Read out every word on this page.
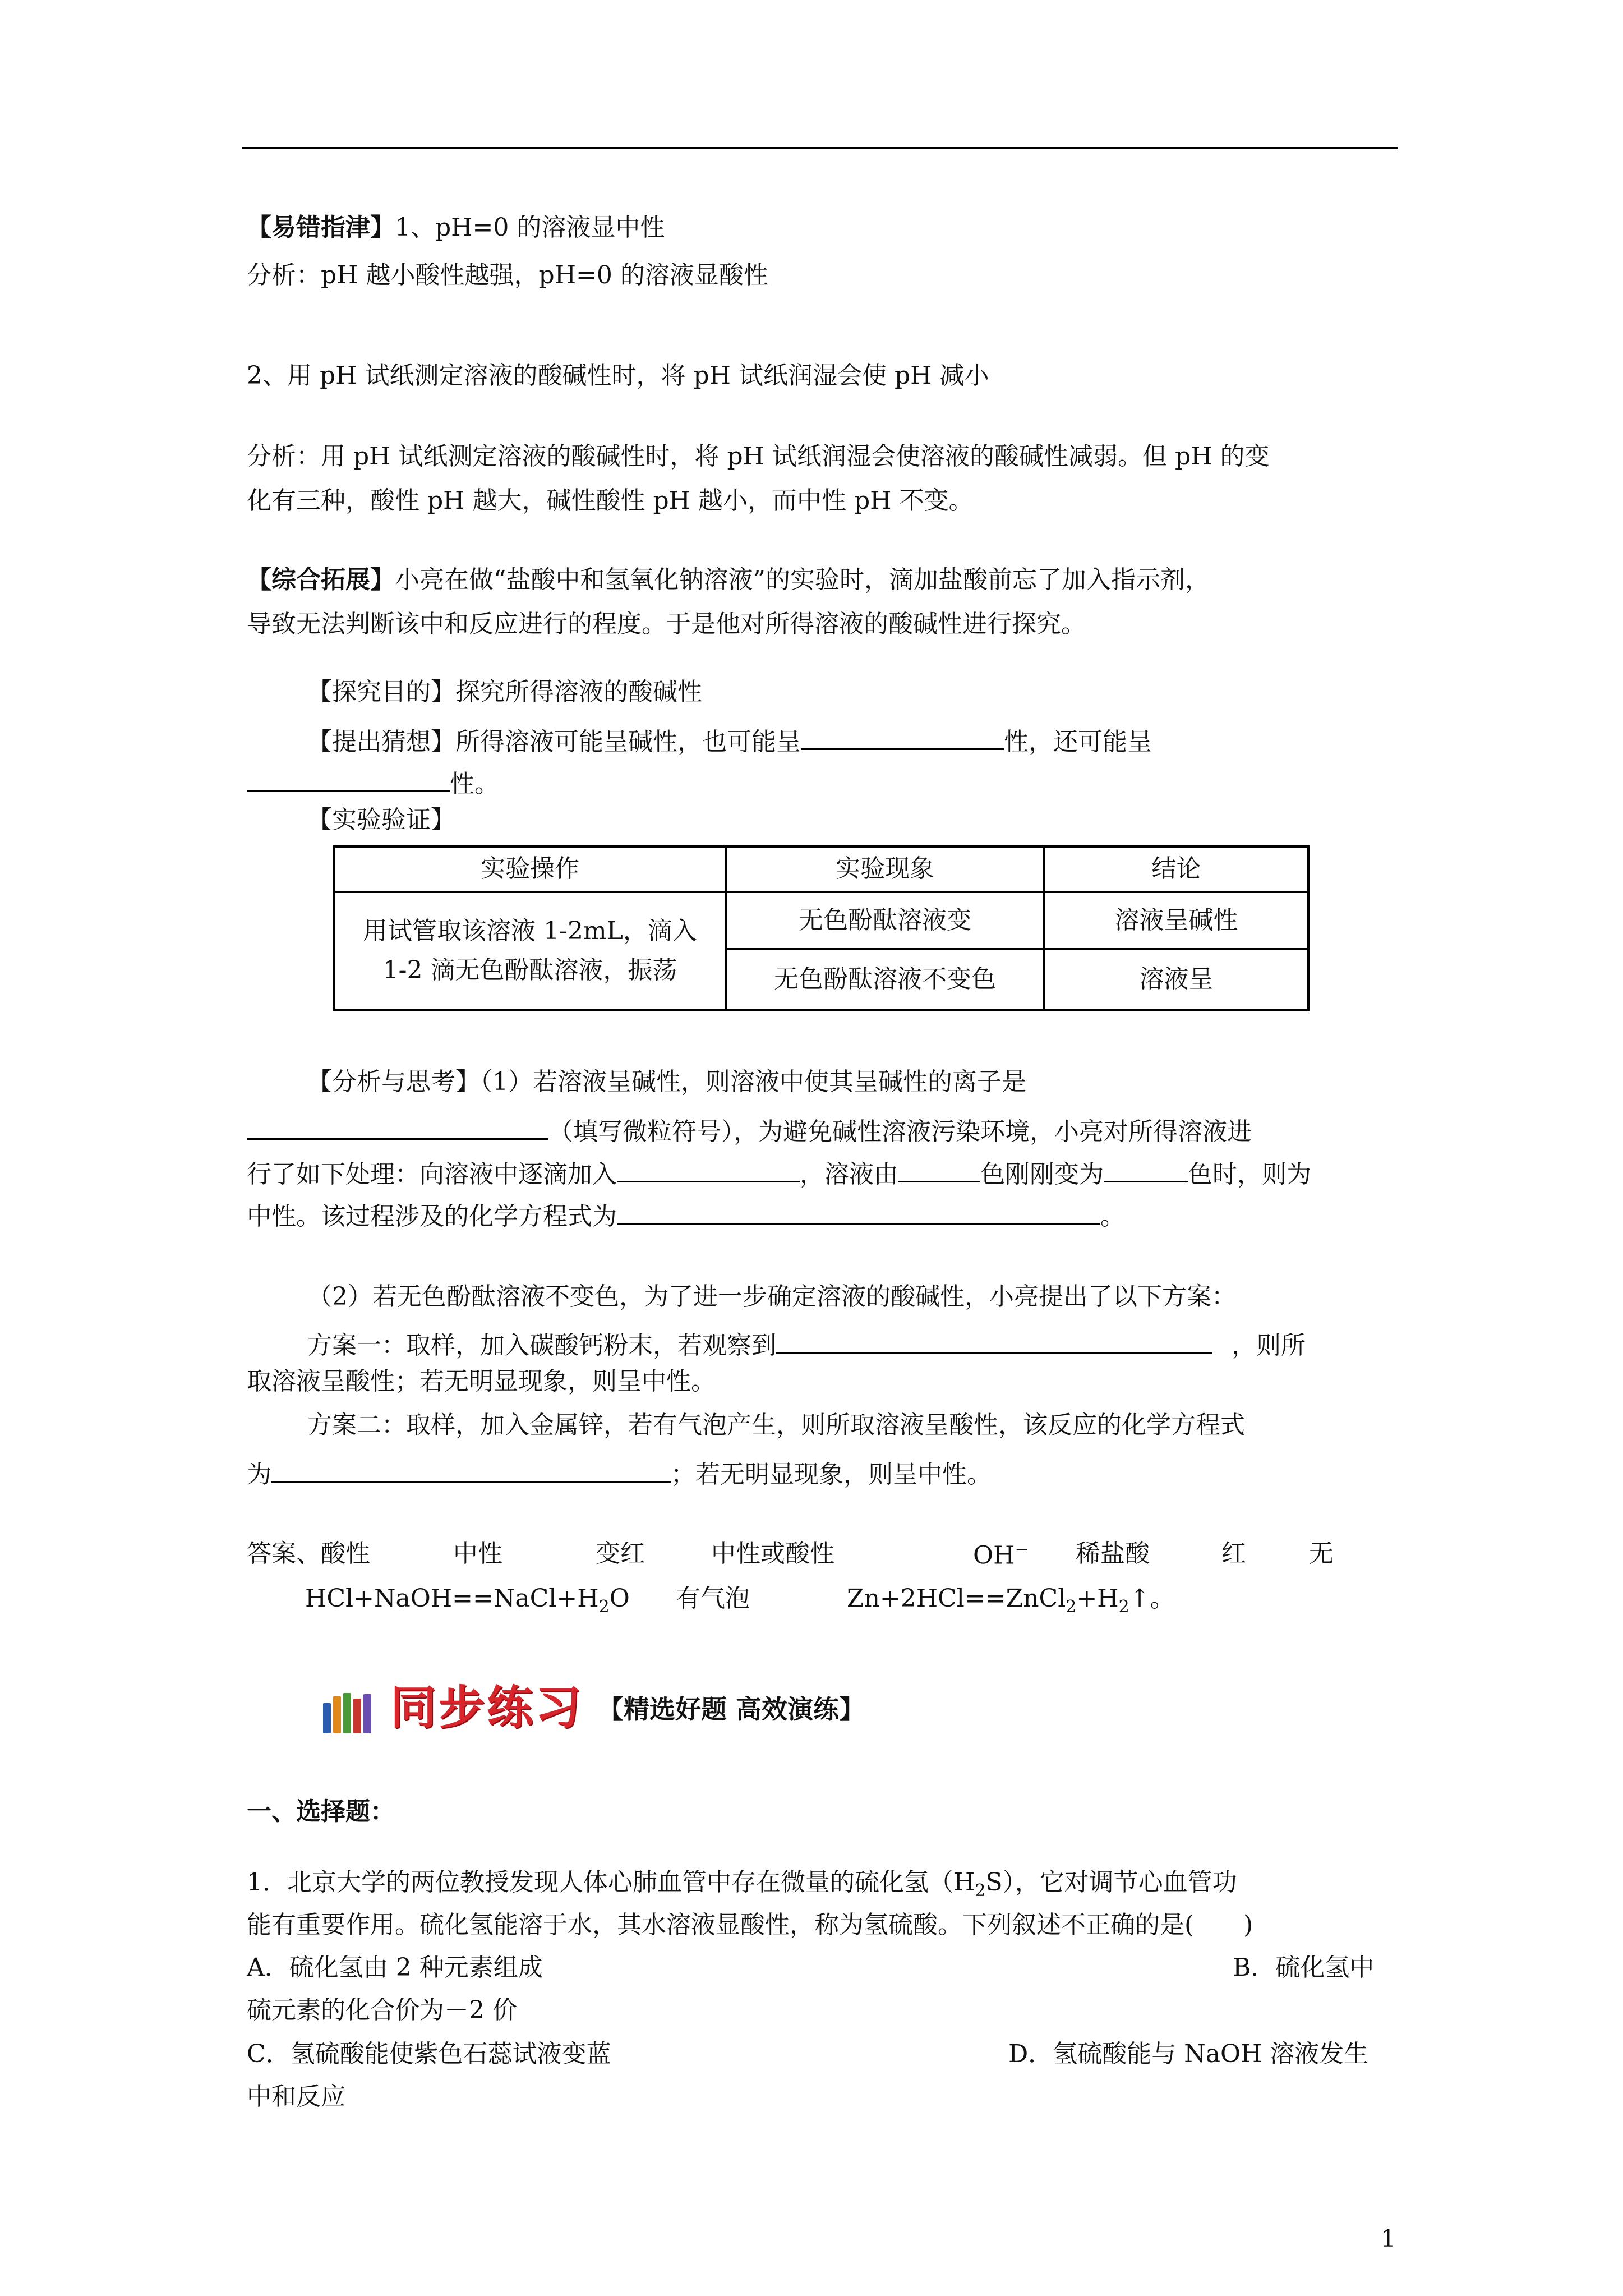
【易错指津】1、pH=0 的溶液显中性
分析：pH 越小酸性越强，pH=0 的溶液显酸性
2、用 pH 试纸测定溶液的酸碱性时，将 pH 试纸润湿会使 pH 减小
分析：用 pH 试纸测定溶液的酸碱性时，将 pH 试纸润湿会使溶液的酸碱性减弱。但 pH 的变
化有三种，酸性 pH 越大，碱性酸性 pH 越小，而中性 pH 不变。
【综合拓展】小亮在做“盐酸中和氢氧化钠溶液”的实验时，滴加盐酸前忘了加入指示剂，
导致无法判断该中和反应进行的程度。于是他对所得溶液的酸碱性进行探究。
【探究目的】探究所得溶液的酸碱性
【提出猜想】所得溶液可能呈碱性，也可能呈	性，还可能呈
性。
【实验验证】
实验操作	实验现象	结论

用试管取该溶液 1-2mL，滴入
1-2 滴无色酚酞溶液，振荡	无色酚酞溶液变	溶液呈碱性
	无色酚酞溶液不变色	溶液呈
【分析与思考】（1）若溶液呈碱性，则溶液中使其呈碱性的离子是
（填写微粒符号），为避免碱性溶液污染环境，小亮对所得溶液进
行了如下处理：向溶液中逐滴加入	，溶液由	色刚刚变为	色时，则为
中性。该过程涉及的化学方程式为	。
（2）若无色酚酞溶液不变色，为了进一步确定溶液的酸碱性，小亮提出了以下方案：
方案一：取样，加入碳酸钙粉末，若观察到	，则所
取溶液呈酸性；若无明显现象，则呈中性。
方案二：取样，加入金属锌，若有气泡产生，则所取溶液呈酸性，该反应的化学方程式
为	；若无明显现象，则呈中性。
答案、酸性	中性	变红	中性或酸性	OH− 稀盐酸	红	无
$HCl+NaOH==NaCl+H_2O$ 有气泡	$Zn+2HCl==ZnCl_2+H_2↑$。
同步练习 【精选好题 高效演练】
一、选择题：
1．北京大学的两位教授发现人体心肺血管中存在微量的硫化氢$(H_2S)$，它对调节心血管功
能有重要作用。硫化氢能溶于水，其水溶液显酸性，称为氢硫酸。下列叙述不正确的是(　　)
A．硫化氢由 2 种元素组成	B．硫化氢中
硫元素的化合价为－2 价
C．氢硫酸能使紫色石蕊试液变蓝	D．氢硫酸能与 NaOH 溶液发生
中和反应
1
